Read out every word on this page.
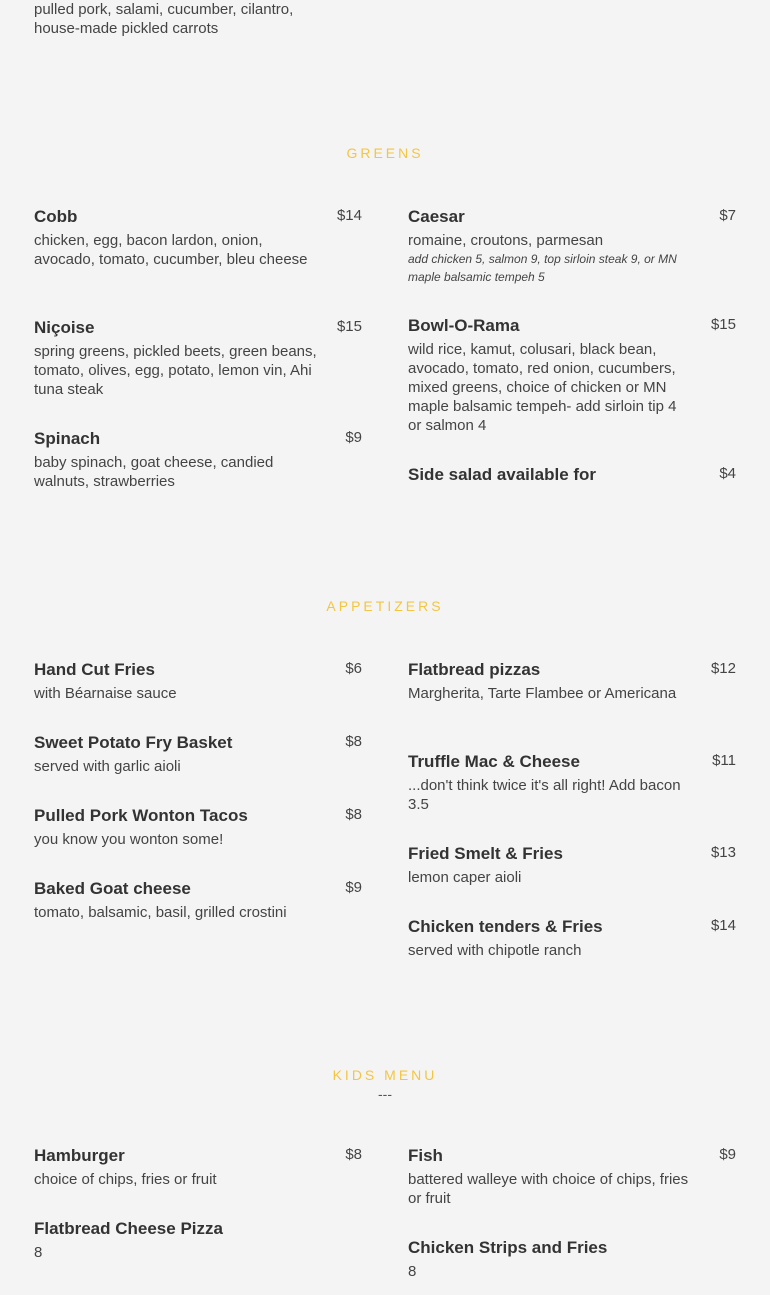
pulled pork, salami, cucumber, cilantro, house-made pickled carrots
GREENS
Cobb	$14
chicken, egg, bacon lardon, onion, avocado, tomato, cucumber, bleu cheese
Niçoise	$15
spring greens, pickled beets, green beans, tomato, olives, egg, potato, lemon vin, Ahi tuna steak
Spinach	$9
baby spinach, goat cheese, candied walnuts, strawberries
Caesar	$7
romaine, croutons, parmesan
add chicken 5, salmon 9, top sirloin steak 9, or MN maple balsamic tempeh 5
Bowl-O-Rama	$15
wild rice, kamut, colusari, black bean, avocado, tomato, red onion, cucumbers, mixed greens, choice of chicken or MN maple balsamic tempeh- add sirloin tip 4 or salmon 4
Side salad available for	$4
APPETIZERS
Hand Cut Fries	$6
with Béarnaise sauce
Sweet Potato Fry Basket	$8
served with garlic aioli
Pulled Pork Wonton Tacos	$8
you know you wonton some!
Baked Goat cheese	$9
tomato, balsamic, basil, grilled crostini
Flatbread pizzas	$12
Margherita, Tarte Flambee or Americana
Truffle Mac & Cheese	$11
...don't think twice it's all right! Add bacon 3.5
Fried Smelt & Fries	$13
lemon caper aioli
Chicken tenders & Fries	$14
served with chipotle ranch
KIDS MENU
---
Hamburger	$8
choice of chips, fries or fruit
Flatbread Cheese Pizza
8
Fish	$9
battered walleye with choice of chips, fries or fruit
Chicken Strips and Fries
8
